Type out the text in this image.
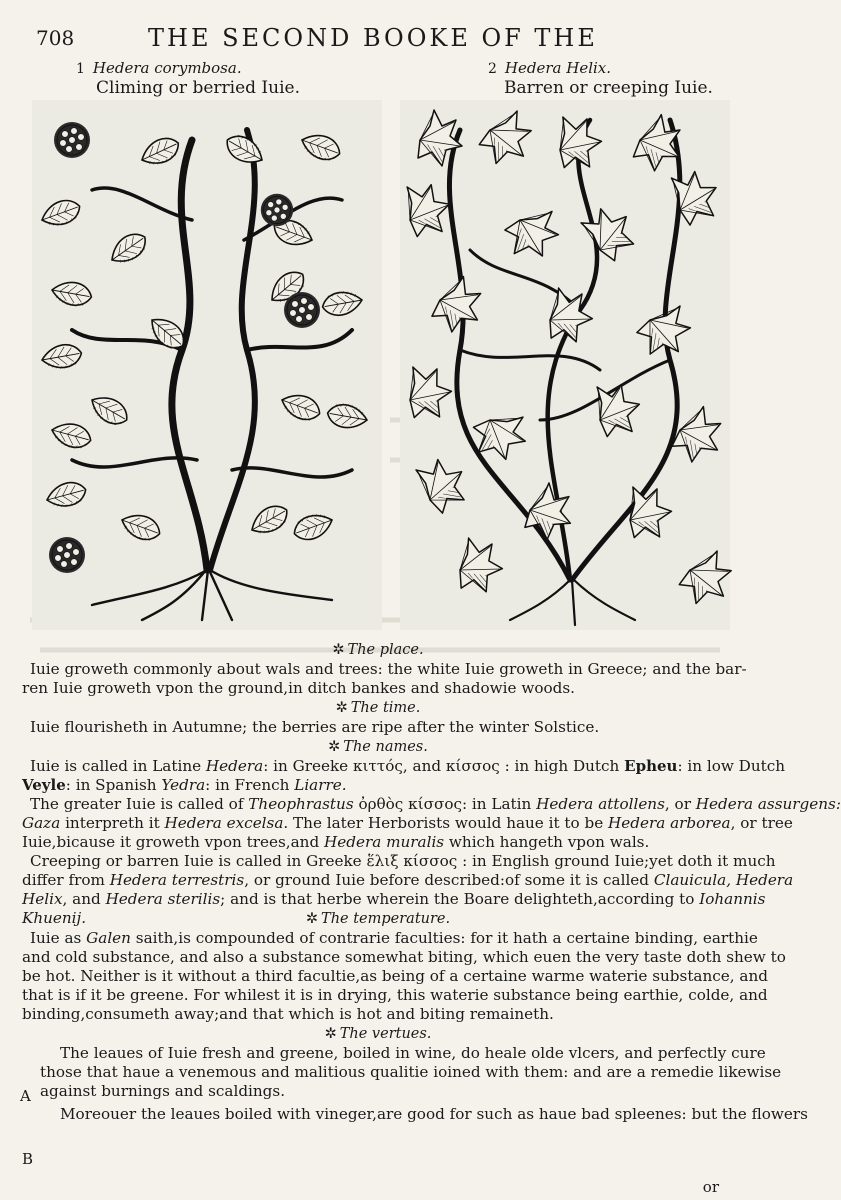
708	THE SECOND BOOKE OF THE
1 Hedera corymbosa.
Climing or berried Iuie.
2 Hedera Helix.
Barren or creeping Iuie.
✲ The place.
Iuie groweth commonly about wals and trees: the white Iuie groweth in Greece; and the bar-
ren Iuie groweth vpon the ground,in ditch bankes and shadowie woods.
✲ The time.
Iuie flourisheth in Autumne; the berries are ripe after the winter Solstice.
✲ The names.
Iuie is called in Latine Hedera: in Greeke κιττός, and κίσσος : in high Dutch Epheu: in low Dutch
Veyle: in Spanish Yedra: in French Liarre.
The greater Iuie is called of Theophrastus ὀρθὸς κίσσος: in Latin Hedera attollens, or Hedera assurgens:
Gaza interpreth it Hedera excelsa. The later Herborists would haue it to be Hedera arborea, or tree
Iuie,bicause it groweth vpon trees,and Hedera muralis which hangeth vpon wals.
Creeping or barren Iuie is called in Greeke ἕλιξ κίσσος : in English ground Iuie;yet doth it much
differ from Hedera terrestris, or ground Iuie before described:of some it is called Clauicula, Hedera
Helix, and Hedera sterilis; and is that herbe wherein the Boare delighteth,according to Iohannis
Khuenij.	✲ The temperature.
Iuie as Galen saith,is compounded of contrarie faculties: for it hath a certaine binding, earthie
and cold substance, and also a substance somewhat biting, which euen the very taste doth shew to
be hot. Neither is it without a third facultie,as being of a certaine warme waterie substance, and
that is if it be greene. For whilest it is in drying, this waterie substance being earthie, colde, and
binding,consumeth away;and that which is hot and biting remaineth.
✲ The vertues.
The leaues of Iuie fresh and greene, boiled in wine, do heale olde vlcers, and perfectly cure
those that haue a venemous and malitious qualitie ioined with them: and are a remedie likewise
against burnings and scaldings.
Moreouer the leaues boiled with vineger,are good for such as haue bad spleenes: but the flowers
A
B
or
